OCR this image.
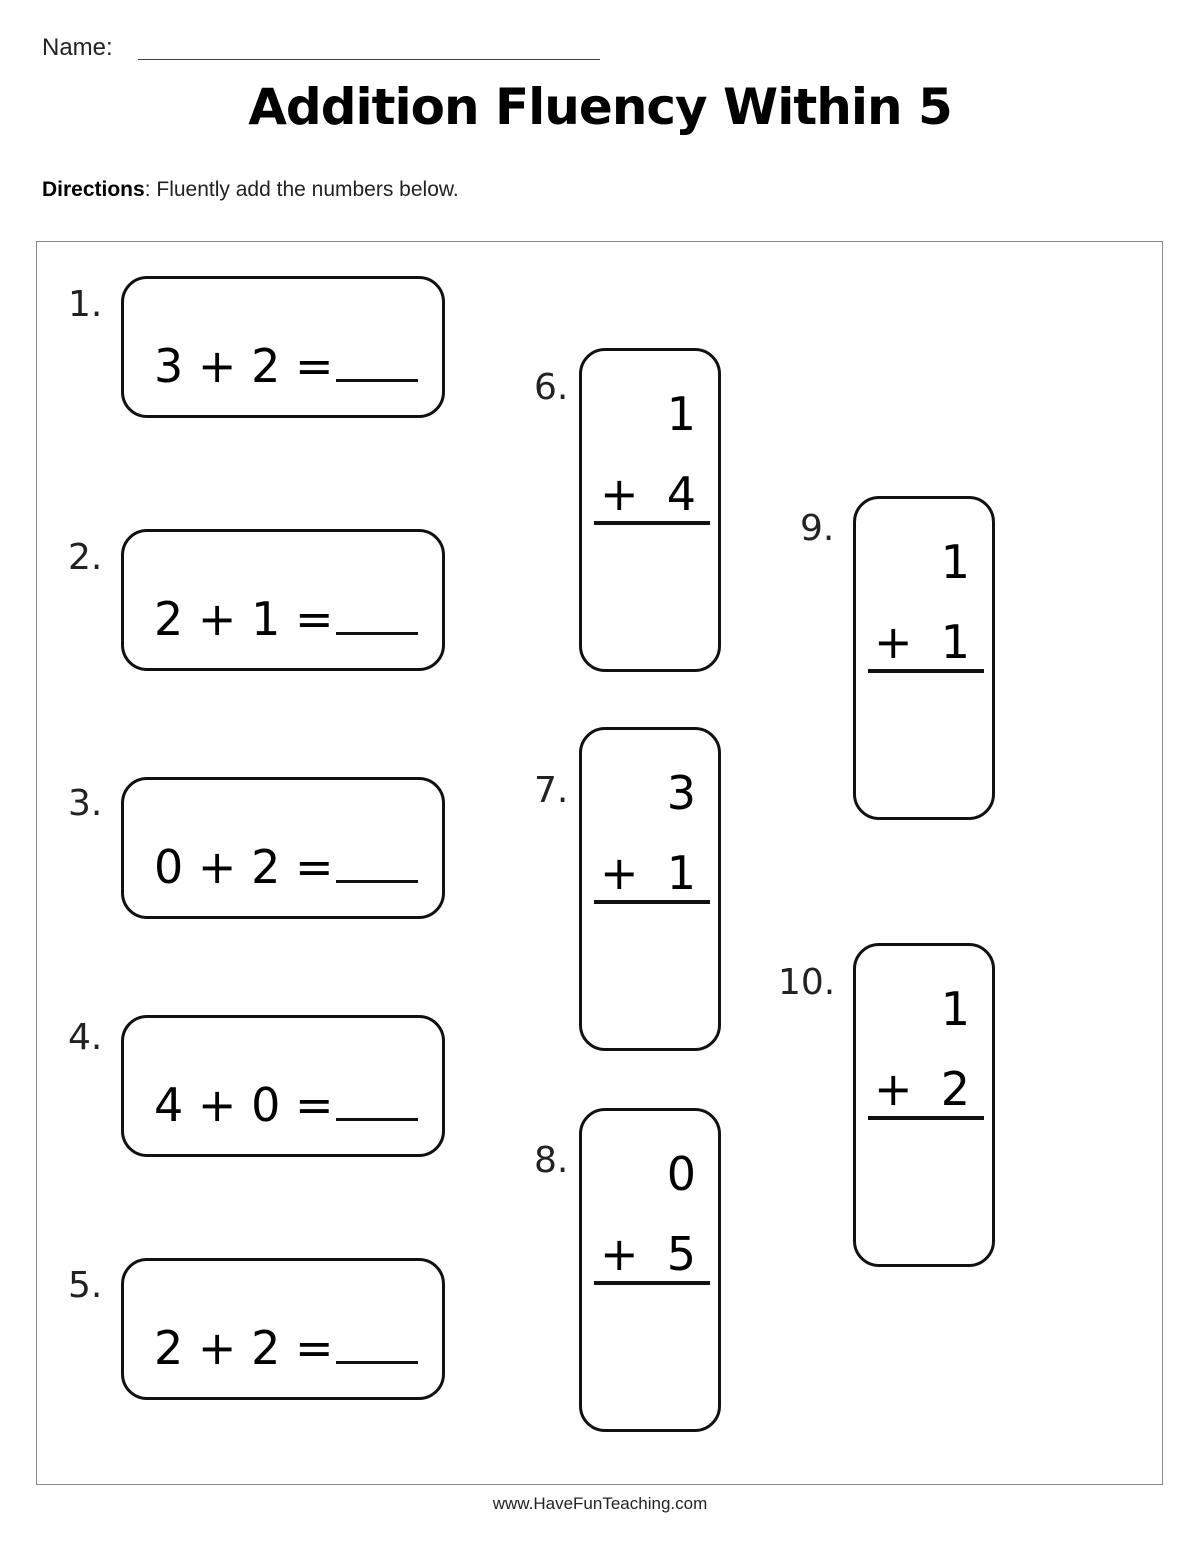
Name:
Addition Fluency Within 5
Directions: Fluently add the numbers below.
1.
3 + 2 =
2.
2 + 1 =
3.
0 + 2 =
4.
4 + 0 =
5.
2 + 2 =
6. 1
+ 4
7. 3
+ 1
8. 0
+ 5
9.
1
+ 1
10. 1
+ 2
www.HaveFunTeaching.com
